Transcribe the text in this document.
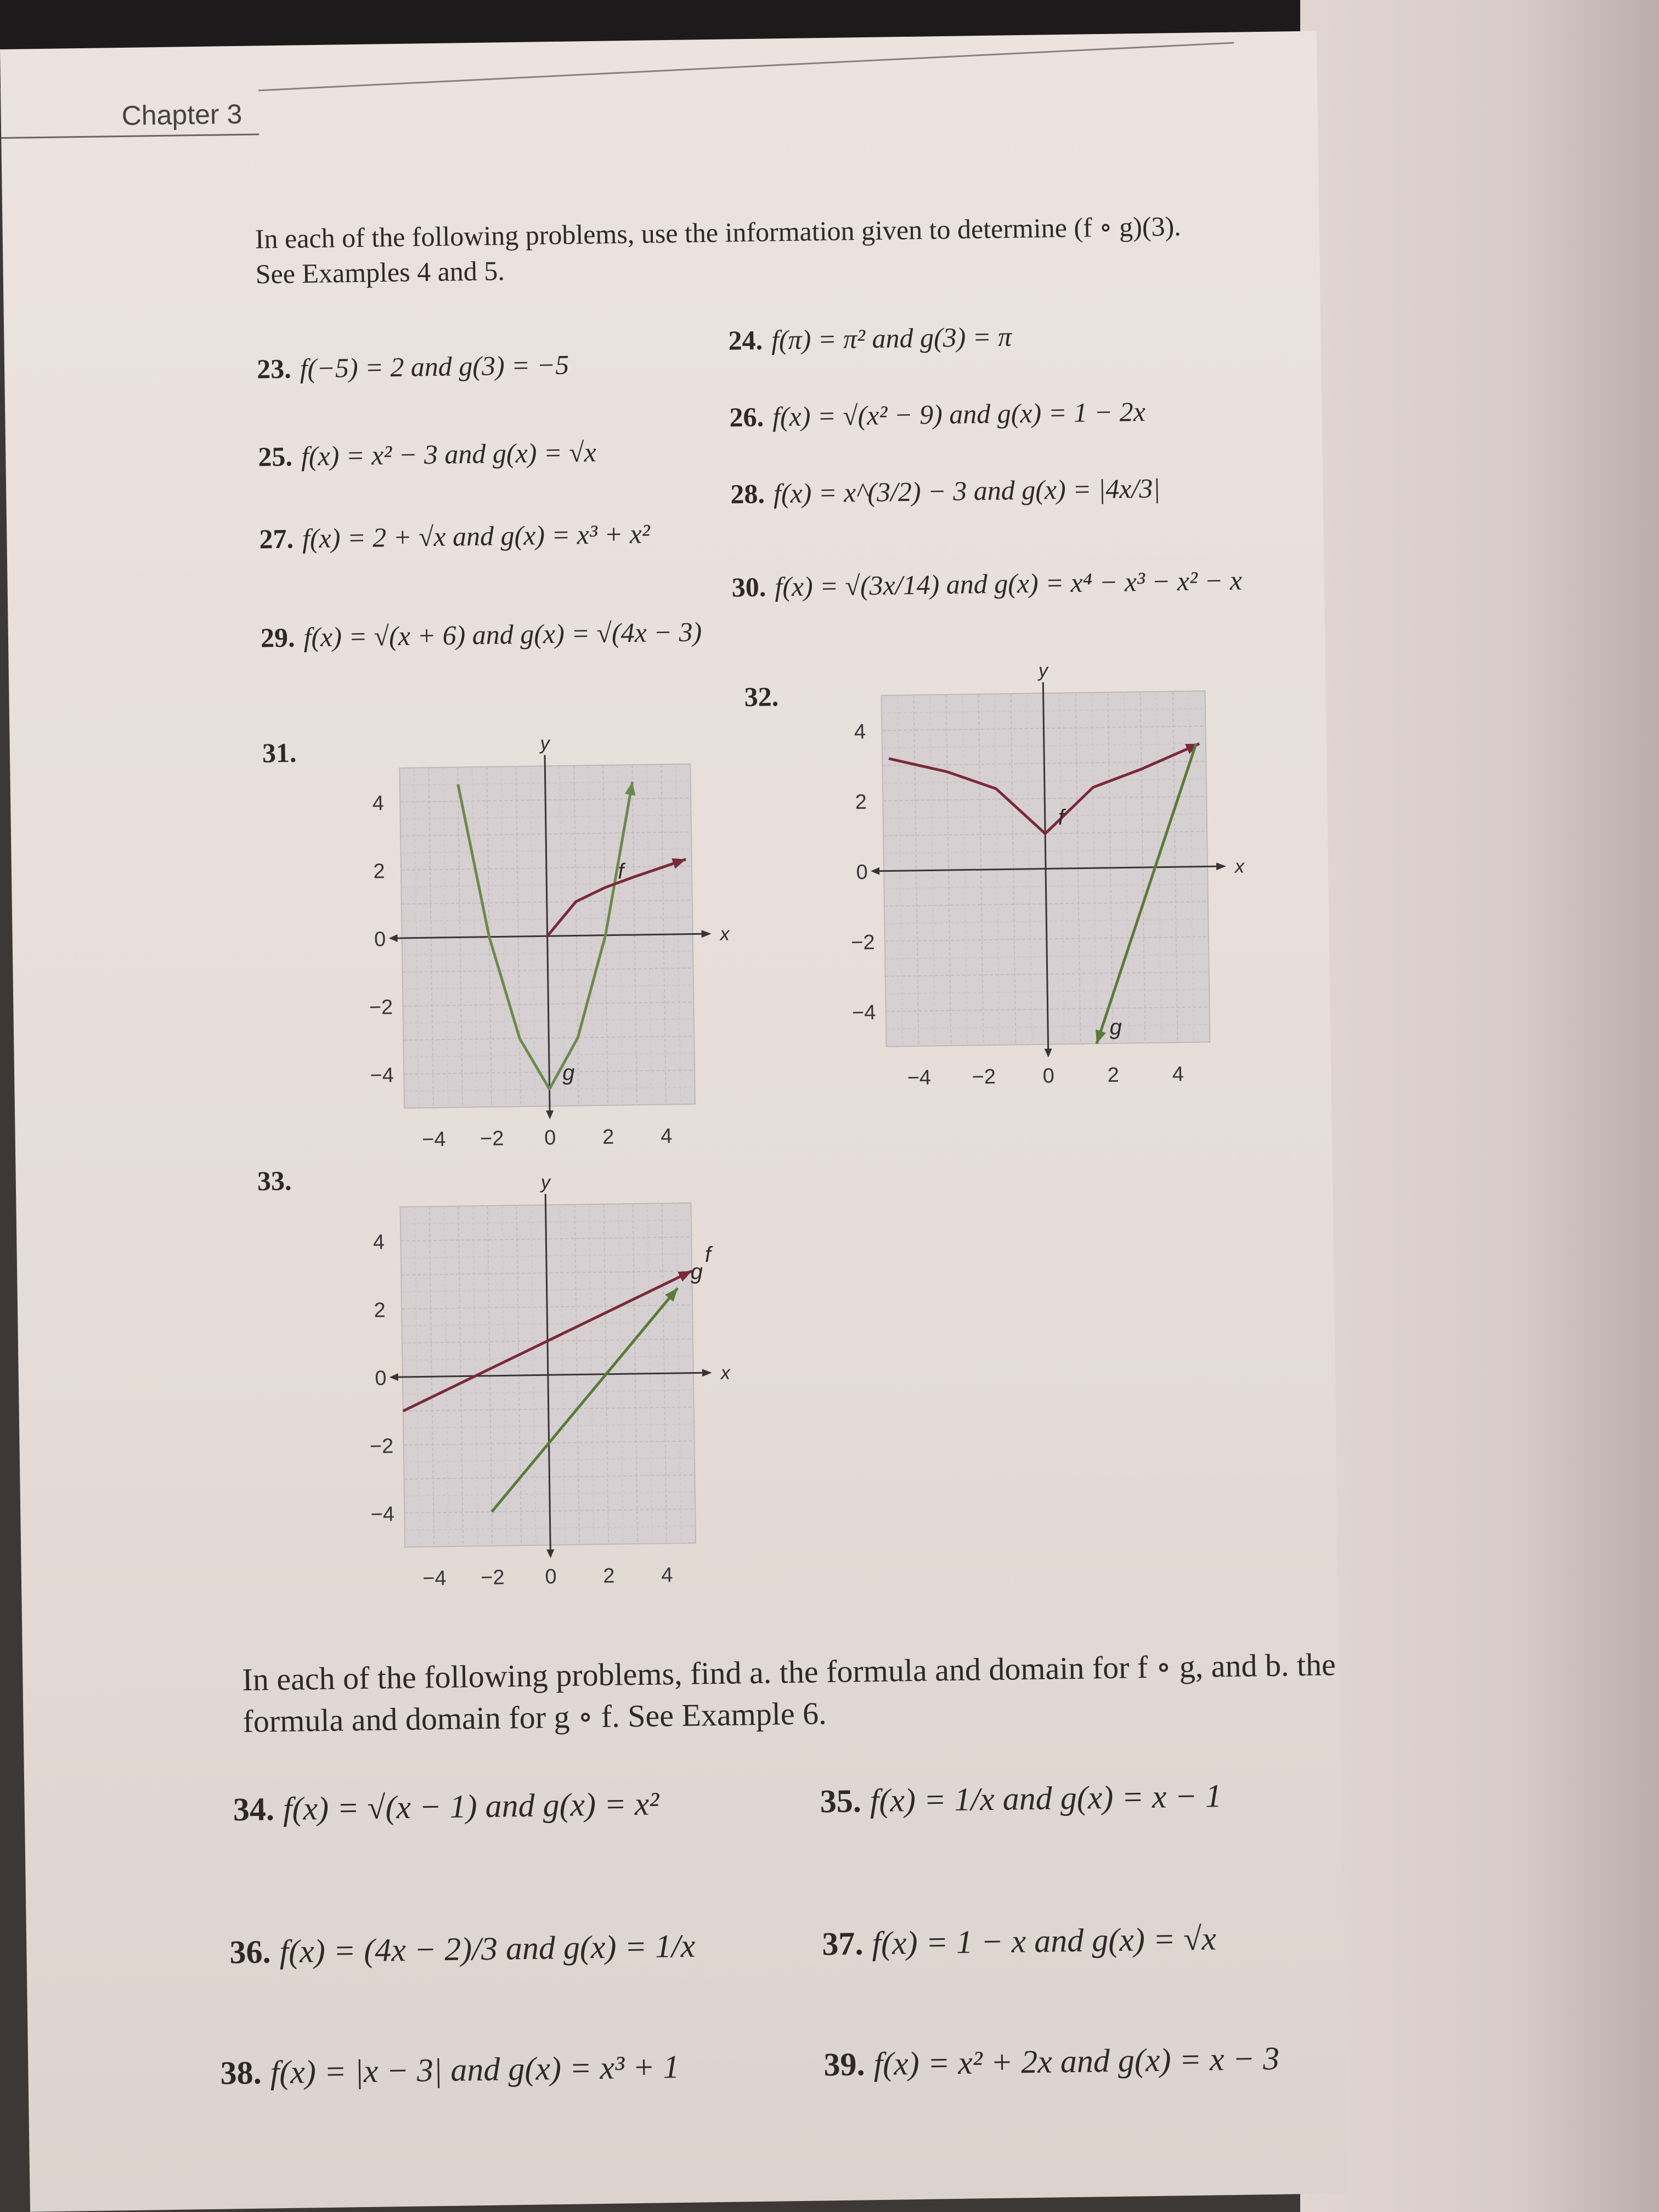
Chapter 3
In each of the following problems, use the information given to determine (f ∘ g)(3).
See Examples 4 and 5.
23. f(−5) = 2 and g(3) = −5
24. f(π) = π² and g(3) = π
25. f(x) = x² − 3 and g(x) = √x
26. f(x) = √(x² − 9) and g(x) = 1 − 2x
27. f(x) = 2 + √x and g(x) = x³ + x²
28. f(x) = x^(3/2) − 3 and g(x) = |4x/3|
29. f(x) = √(x + 6) and g(x) = √(4x − 3)
30. f(x) = √(3x/14) and g(x) = x⁴ − x³ − x² − x
31.
32.
33.
x
y
−4 −2 0 2 4
4
2
0
−2
−4	g
f	x
y
−4 −2 0	2	4
4
2
0
−2
−4
f
g
x
y
−4 −2 0 2 4
4
2
0
−2
−4
f
g
In each of the following problems, find a. the formula and domain for f ∘ g, and b. the
formula and domain for g ∘ f. See Example 6.
34. f(x) = √(x − 1) and g(x) = x²	35. f(x) = 1/x and g(x) = x − 1
36. f(x) = (4x − 2)/3 and g(x) = 1/x	37. f(x) = 1 − x and g(x) = √x
38. f(x) = |x − 3| and g(x) = x³ + 1	39. f(x) = x² + 2x and g(x) = x − 3
